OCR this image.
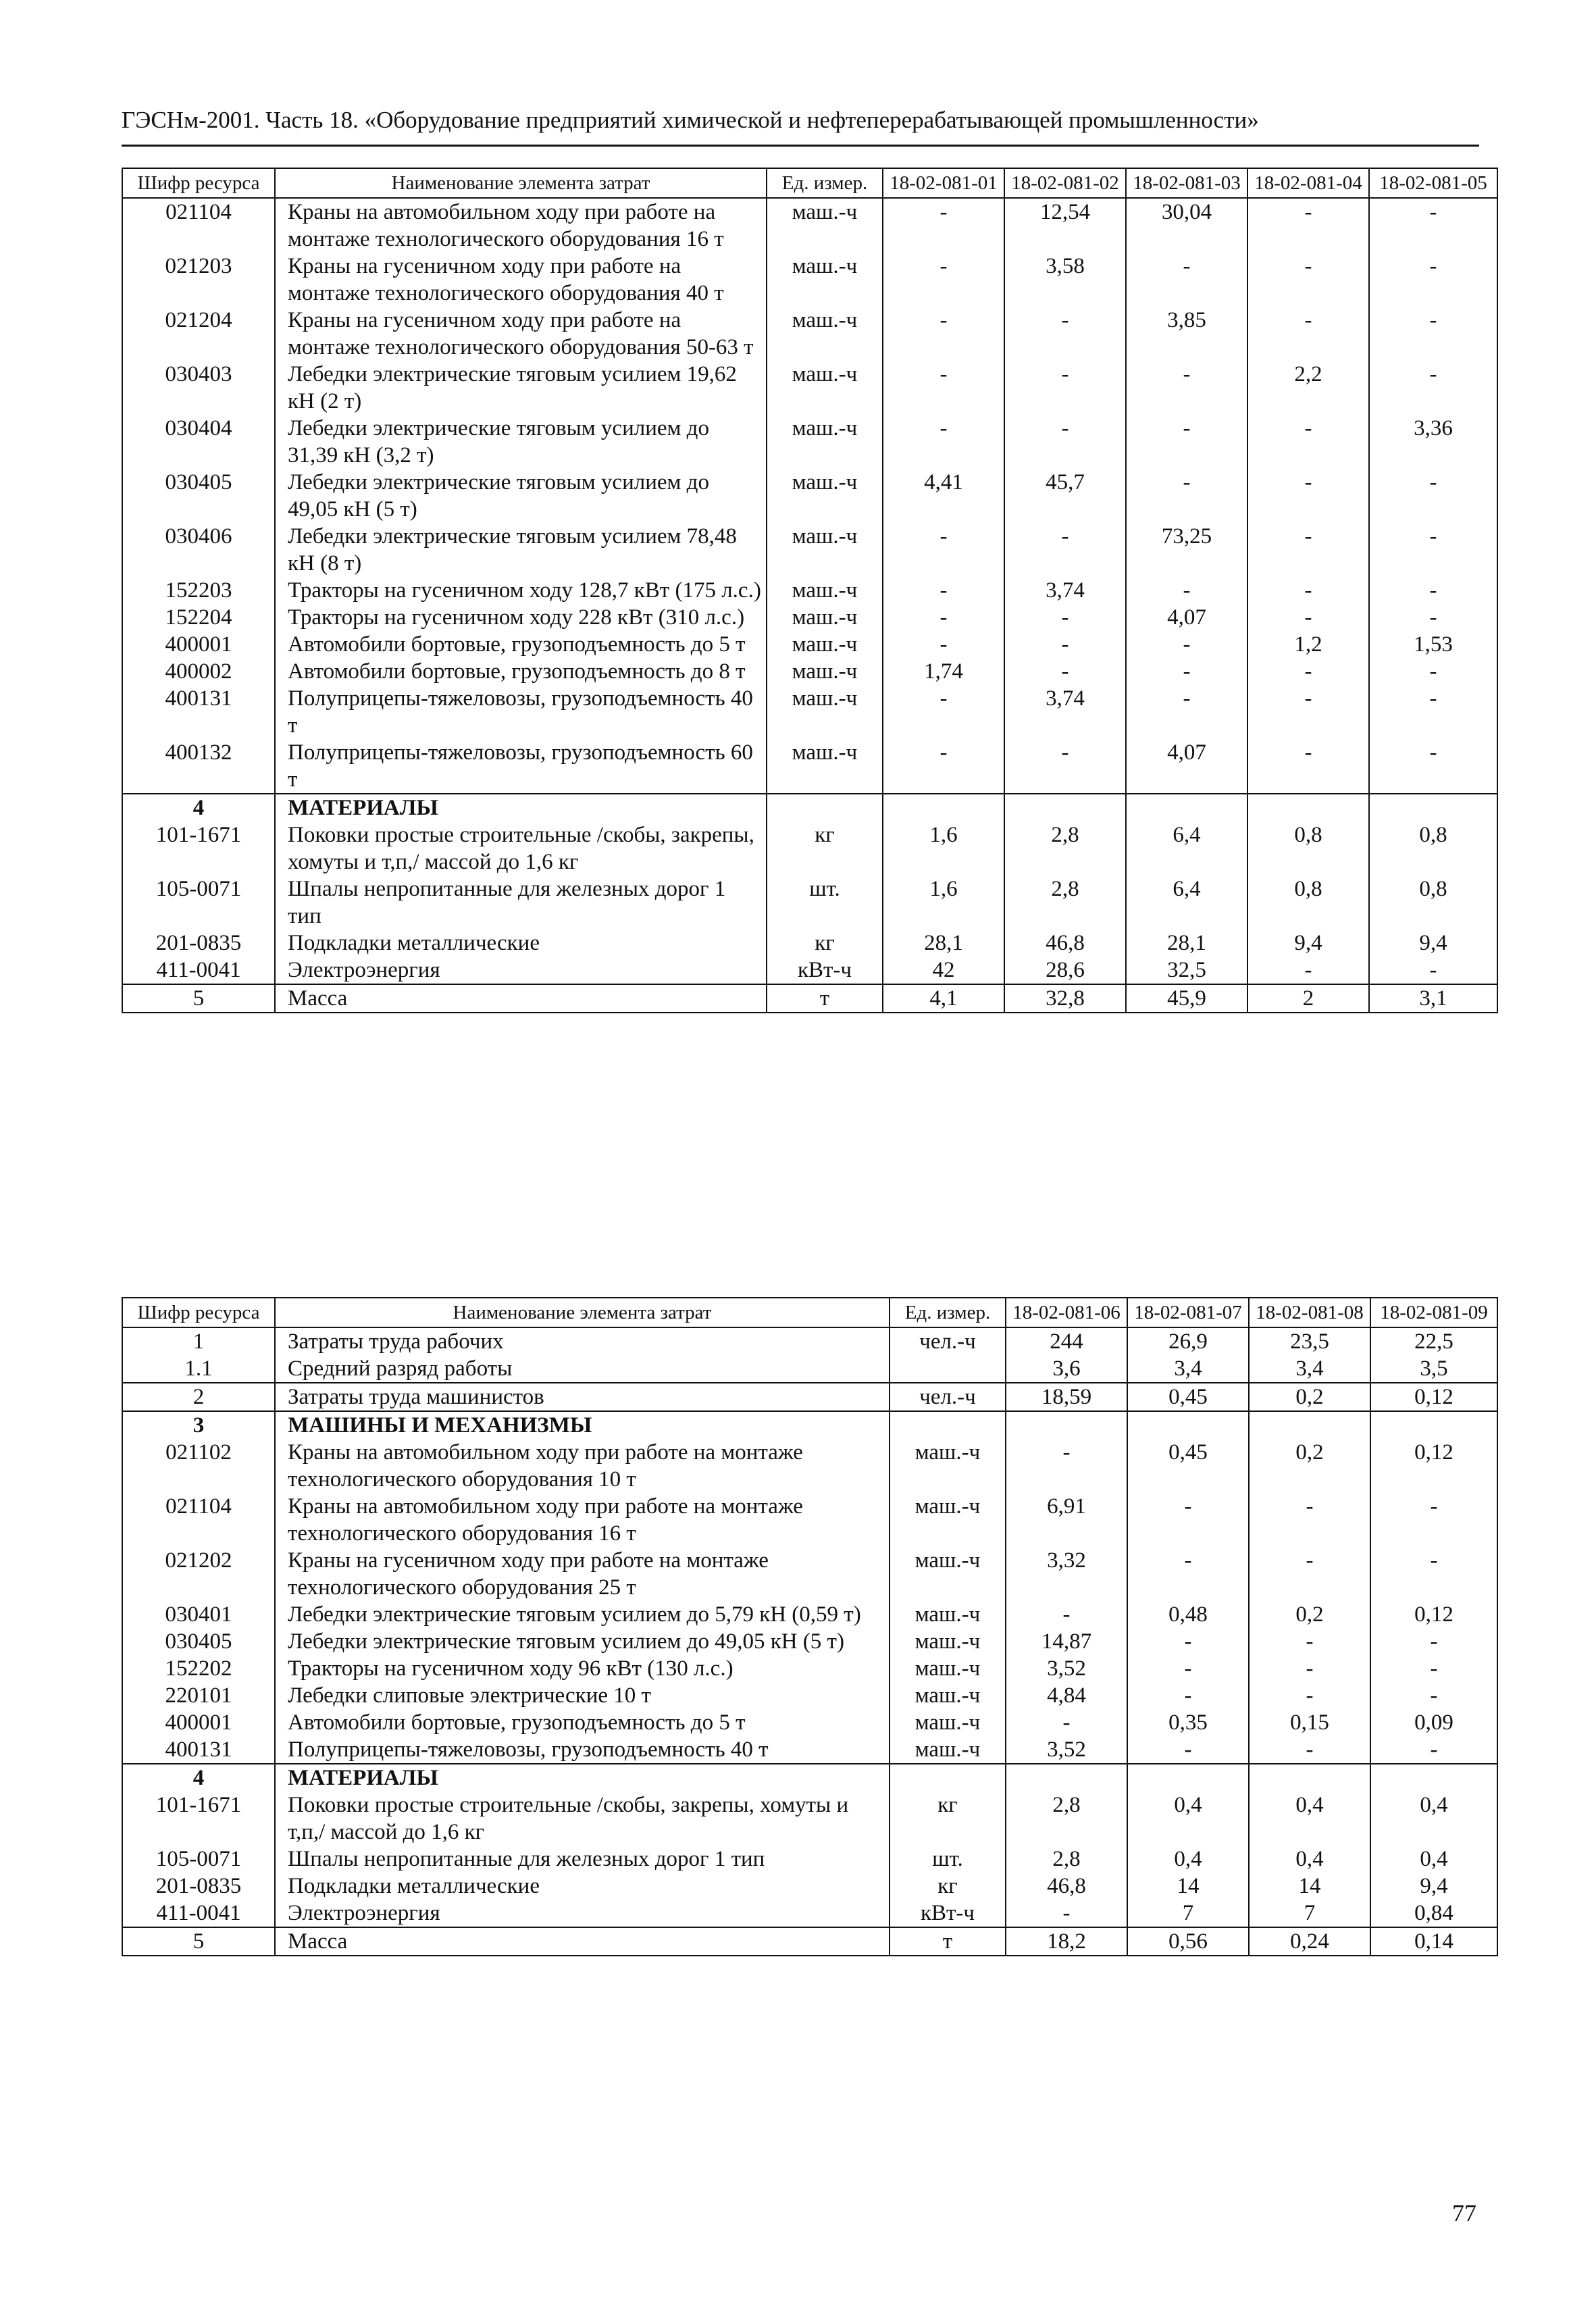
ГЭСНм-2001. Часть 18. «Оборудование предприятий химической и нефтеперерабатывающей промышленности»
Шифр ресурса	Наименование элемента затрат	Ед. измер.	18-02-081-01	18-02-081-02	18-02-081-03	18-02-081-04	18-02-081-05
021104	Краны на автомобильном ходу при работе на монтаже технологического оборудования 16 т	маш.-ч	-	12,54	30,04	-	-
021203	Краны на гусеничном ходу при работе на монтаже технологического оборудования 40 т	маш.-ч	-	3,58	-	-	-
021204	Краны на гусеничном ходу при работе на монтаже технологического оборудования 50-63 т	маш.-ч	-	-	3,85	-	-
030403	Лебедки электрические тяговым усилием 19,62 кН (2 т)	маш.-ч	-	-	-	2,2	-
030404	Лебедки электрические тяговым усилием до 31,39 кН (3,2 т)	маш.-ч	-	-	-	-	3,36
030405	Лебедки электрические тяговым усилием до 49,05 кН (5 т)	маш.-ч	4,41	45,7	-	-	-
030406	Лебедки электрические тяговым усилием 78,48 кН (8 т)	маш.-ч	-	-	73,25	-	-
152203	Тракторы на гусеничном ходу 128,7 кВт (175 л.с.)	маш.-ч	-	3,74	-	-	-
152204	Тракторы на гусеничном ходу 228 кВт (310 л.с.)	маш.-ч	-	-	4,07	-	-
400001	Автомобили бортовые, грузоподъемность до 5 т	маш.-ч	-	-	-	1,2	1,53
400002	Автомобили бортовые, грузоподъемность до 8 т	маш.-ч	1,74	-	-	-	-
400131	Полуприцепы-тяжеловозы, грузоподъемность 40 т	маш.-ч	-	3,74	-	-	-
400132	Полуприцепы-тяжеловозы, грузоподъемность 60 т	маш.-ч	-	-	4,07	-	-
4	МАТЕРИАЛЫ						
101-1671	Поковки простые строительные /скобы, закрепы, хомуты и т,п,/ массой до 1,6 кг	кг	1,6	2,8	6,4	0,8	0,8
105-0071	Шпалы непропитанные для железных дорог 1 тип	шт.	1,6	2,8	6,4	0,8	0,8
201-0835	Подкладки металлические	кг	28,1	46,8	28,1	9,4	9,4
411-0041	Электроэнергия	кВт-ч	42	28,6	32,5	-	-
5	Масса	т	4,1	32,8	45,9	2	3,1
Шифр ресурса	Наименование элемента затрат	Ед. измер.	18-02-081-06	18-02-081-07	18-02-081-08	18-02-081-09
1	Затраты труда рабочих	чел.-ч	244	26,9	23,5	22,5
1.1	Средний разряд работы		3,6	3,4	3,4	3,5
2	Затраты труда машинистов	чел.-ч	18,59	0,45	0,2	0,12
3	МАШИНЫ И МЕХАНИЗМЫ					
021102	Краны на автомобильном ходу при работе на монтаже технологического оборудования 10 т	маш.-ч	-	0,45	0,2	0,12
021104	Краны на автомобильном ходу при работе на монтаже технологического оборудования 16 т	маш.-ч	6,91	-	-	-
021202	Краны на гусеничном ходу при работе на монтаже технологического оборудования 25 т	маш.-ч	3,32	-	-	-
030401	Лебедки электрические тяговым усилием до 5,79 кН (0,59 т)	маш.-ч	-	0,48	0,2	0,12
030405	Лебедки электрические тяговым усилием до 49,05 кН (5 т)	маш.-ч	14,87	-	-	-
152202	Тракторы на гусеничном ходу 96 кВт (130 л.с.)	маш.-ч	3,52	-	-	-
220101	Лебедки слиповые электрические 10 т	маш.-ч	4,84	-	-	-
400001	Автомобили бортовые, грузоподъемность до 5 т	маш.-ч	-	0,35	0,15	0,09
400131	Полуприцепы-тяжеловозы, грузоподъемность 40 т	маш.-ч	3,52	-	-	-
4	МАТЕРИАЛЫ					
101-1671	Поковки простые строительные /скобы, закрепы, хомуты и т,п,/ массой до 1,6 кг	кг	2,8	0,4	0,4	0,4
105-0071	Шпалы непропитанные для железных дорог 1 тип	шт.	2,8	0,4	0,4	0,4
201-0835	Подкладки металлические	кг	46,8	14	14	9,4
411-0041	Электроэнергия	кВт-ч	-	7	7	0,84
5	Масса	т	18,2	0,56	0,24	0,14
77
